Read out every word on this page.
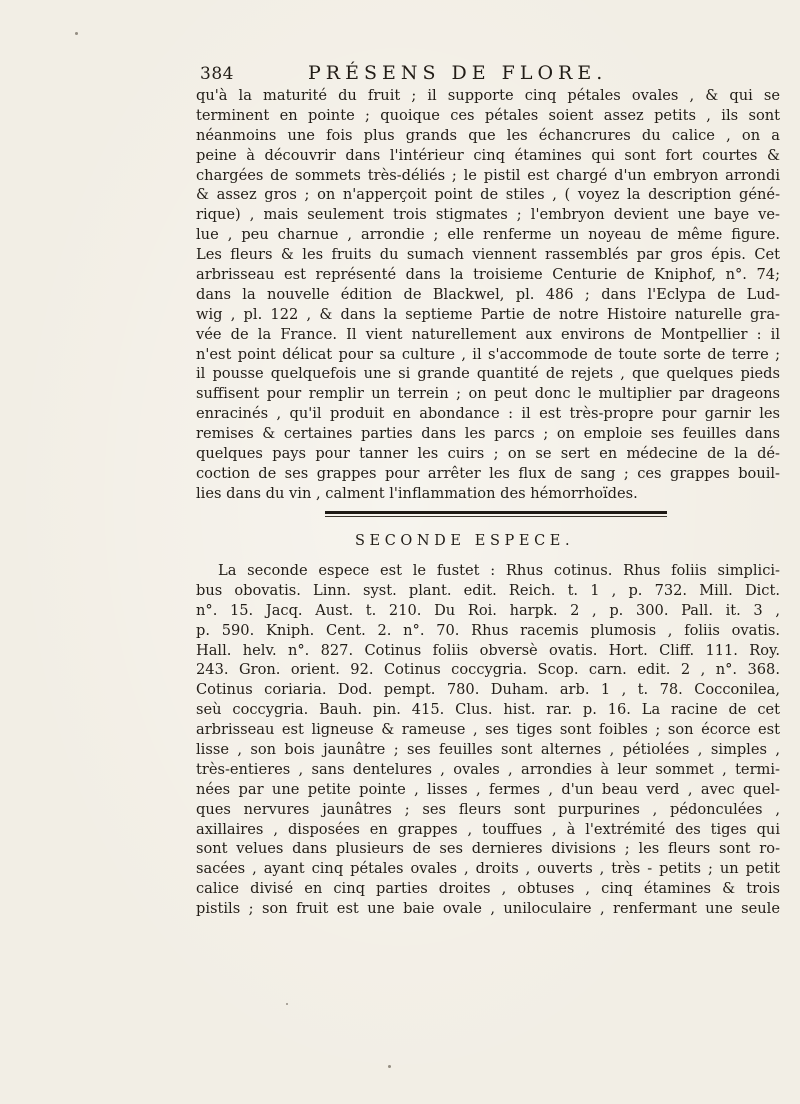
384	PRÉSENS DE FLORE.
qu'à la maturité du fruit ; il supporte cinq pétales ovales , & qui se
terminent en pointe ; quoique ces pétales soient assez petits , ils sont
néanmoins une fois plus grands que les échancrures du calice , on a
peine à découvrir dans l'intérieur cinq étamines qui sont fort courtes &
chargées de sommets très-déliés ; le pistil est chargé d'un embryon arrondi
& assez gros ; on n'apperçoit point de stiles , ( voyez la description géné-
rique) , mais seulement trois stigmates ; l'embryon devient une baye ve-
lue , peu charnue , arrondie ; elle renferme un noyeau de même figure.
Les fleurs & les fruits du sumach viennent rassemblés par gros épis. Cet
arbrisseau est représenté dans la troisieme Centurie de Kniphof, n°. 74;
dans la nouvelle édition de Blackwel, pl. 486 ; dans l'Eclypa de Lud-
wig , pl. 122 , & dans la septieme Partie de notre Histoire naturelle gra-
vée de la France. Il vient naturellement aux environs de Montpellier : il
n'est point délicat pour sa culture , il s'accommode de toute sorte de terre ;
il pousse quelquefois une si grande quantité de rejets , que quelques pieds
suffisent pour remplir un terrein ; on peut donc le multiplier par drageons
enracinés , qu'il produit en abondance : il est très-propre pour garnir les
remises & certaines parties dans les parcs ; on emploie ses feuilles dans
quelques pays pour tanner les cuirs ; on se sert en médecine de la dé-
coction de ses grappes pour arrêter les flux de sang ; ces grappes bouil-
lies dans du vin , calment l'inflammation des hémorrhoïdes.
SECONDE ESPECE.
La seconde espece est le fustet : Rhus cotinus. Rhus foliis simplici-
bus obovatis. Linn. syst. plant. edit. Reich. t. 1 , p. 732. Mill. Dict.
n°. 15. Jacq. Aust. t. 210. Du Roi. harpk. 2 , p. 300. Pall. it. 3 ,
p. 590. Kniph. Cent. 2. n°. 70. Rhus racemis plumosis , foliis ovatis.
Hall. helv. n°. 827. Cotinus foliis obversè ovatis. Hort. Cliff. 111. Roy.
243. Gron. orient. 92. Cotinus coccygria. Scop. carn. edit. 2 , n°. 368.
Cotinus coriaria. Dod. pempt. 780. Duham. arb. 1 , t. 78. Cocconilea,
seù coccygria. Bauh. pin. 415. Clus. hist. rar. p. 16. La racine de cet
arbrisseau est ligneuse & rameuse , ses tiges sont foibles ; son écorce est
lisse , son bois jaunâtre ; ses feuilles sont alternes , pétiolées , simples ,
très-entieres , sans dentelures , ovales , arrondies à leur sommet , termi-
nées par une petite pointe , lisses , fermes , d'un beau verd , avec quel-
ques nervures jaunâtres ; ses fleurs sont purpurines , pédonculées ,
axillaires , disposées en grappes , touffues , à l'extrémité des tiges qui
sont velues dans plusieurs de ses dernieres divisions ; les fleurs sont ro-
sacées , ayant cinq pétales ovales , droits , ouverts , très - petits ; un petit
calice divisé en cinq parties droites , obtuses , cinq étamines & trois
pistils ; son fruit est une baie ovale , uniloculaire , renfermant une seule
